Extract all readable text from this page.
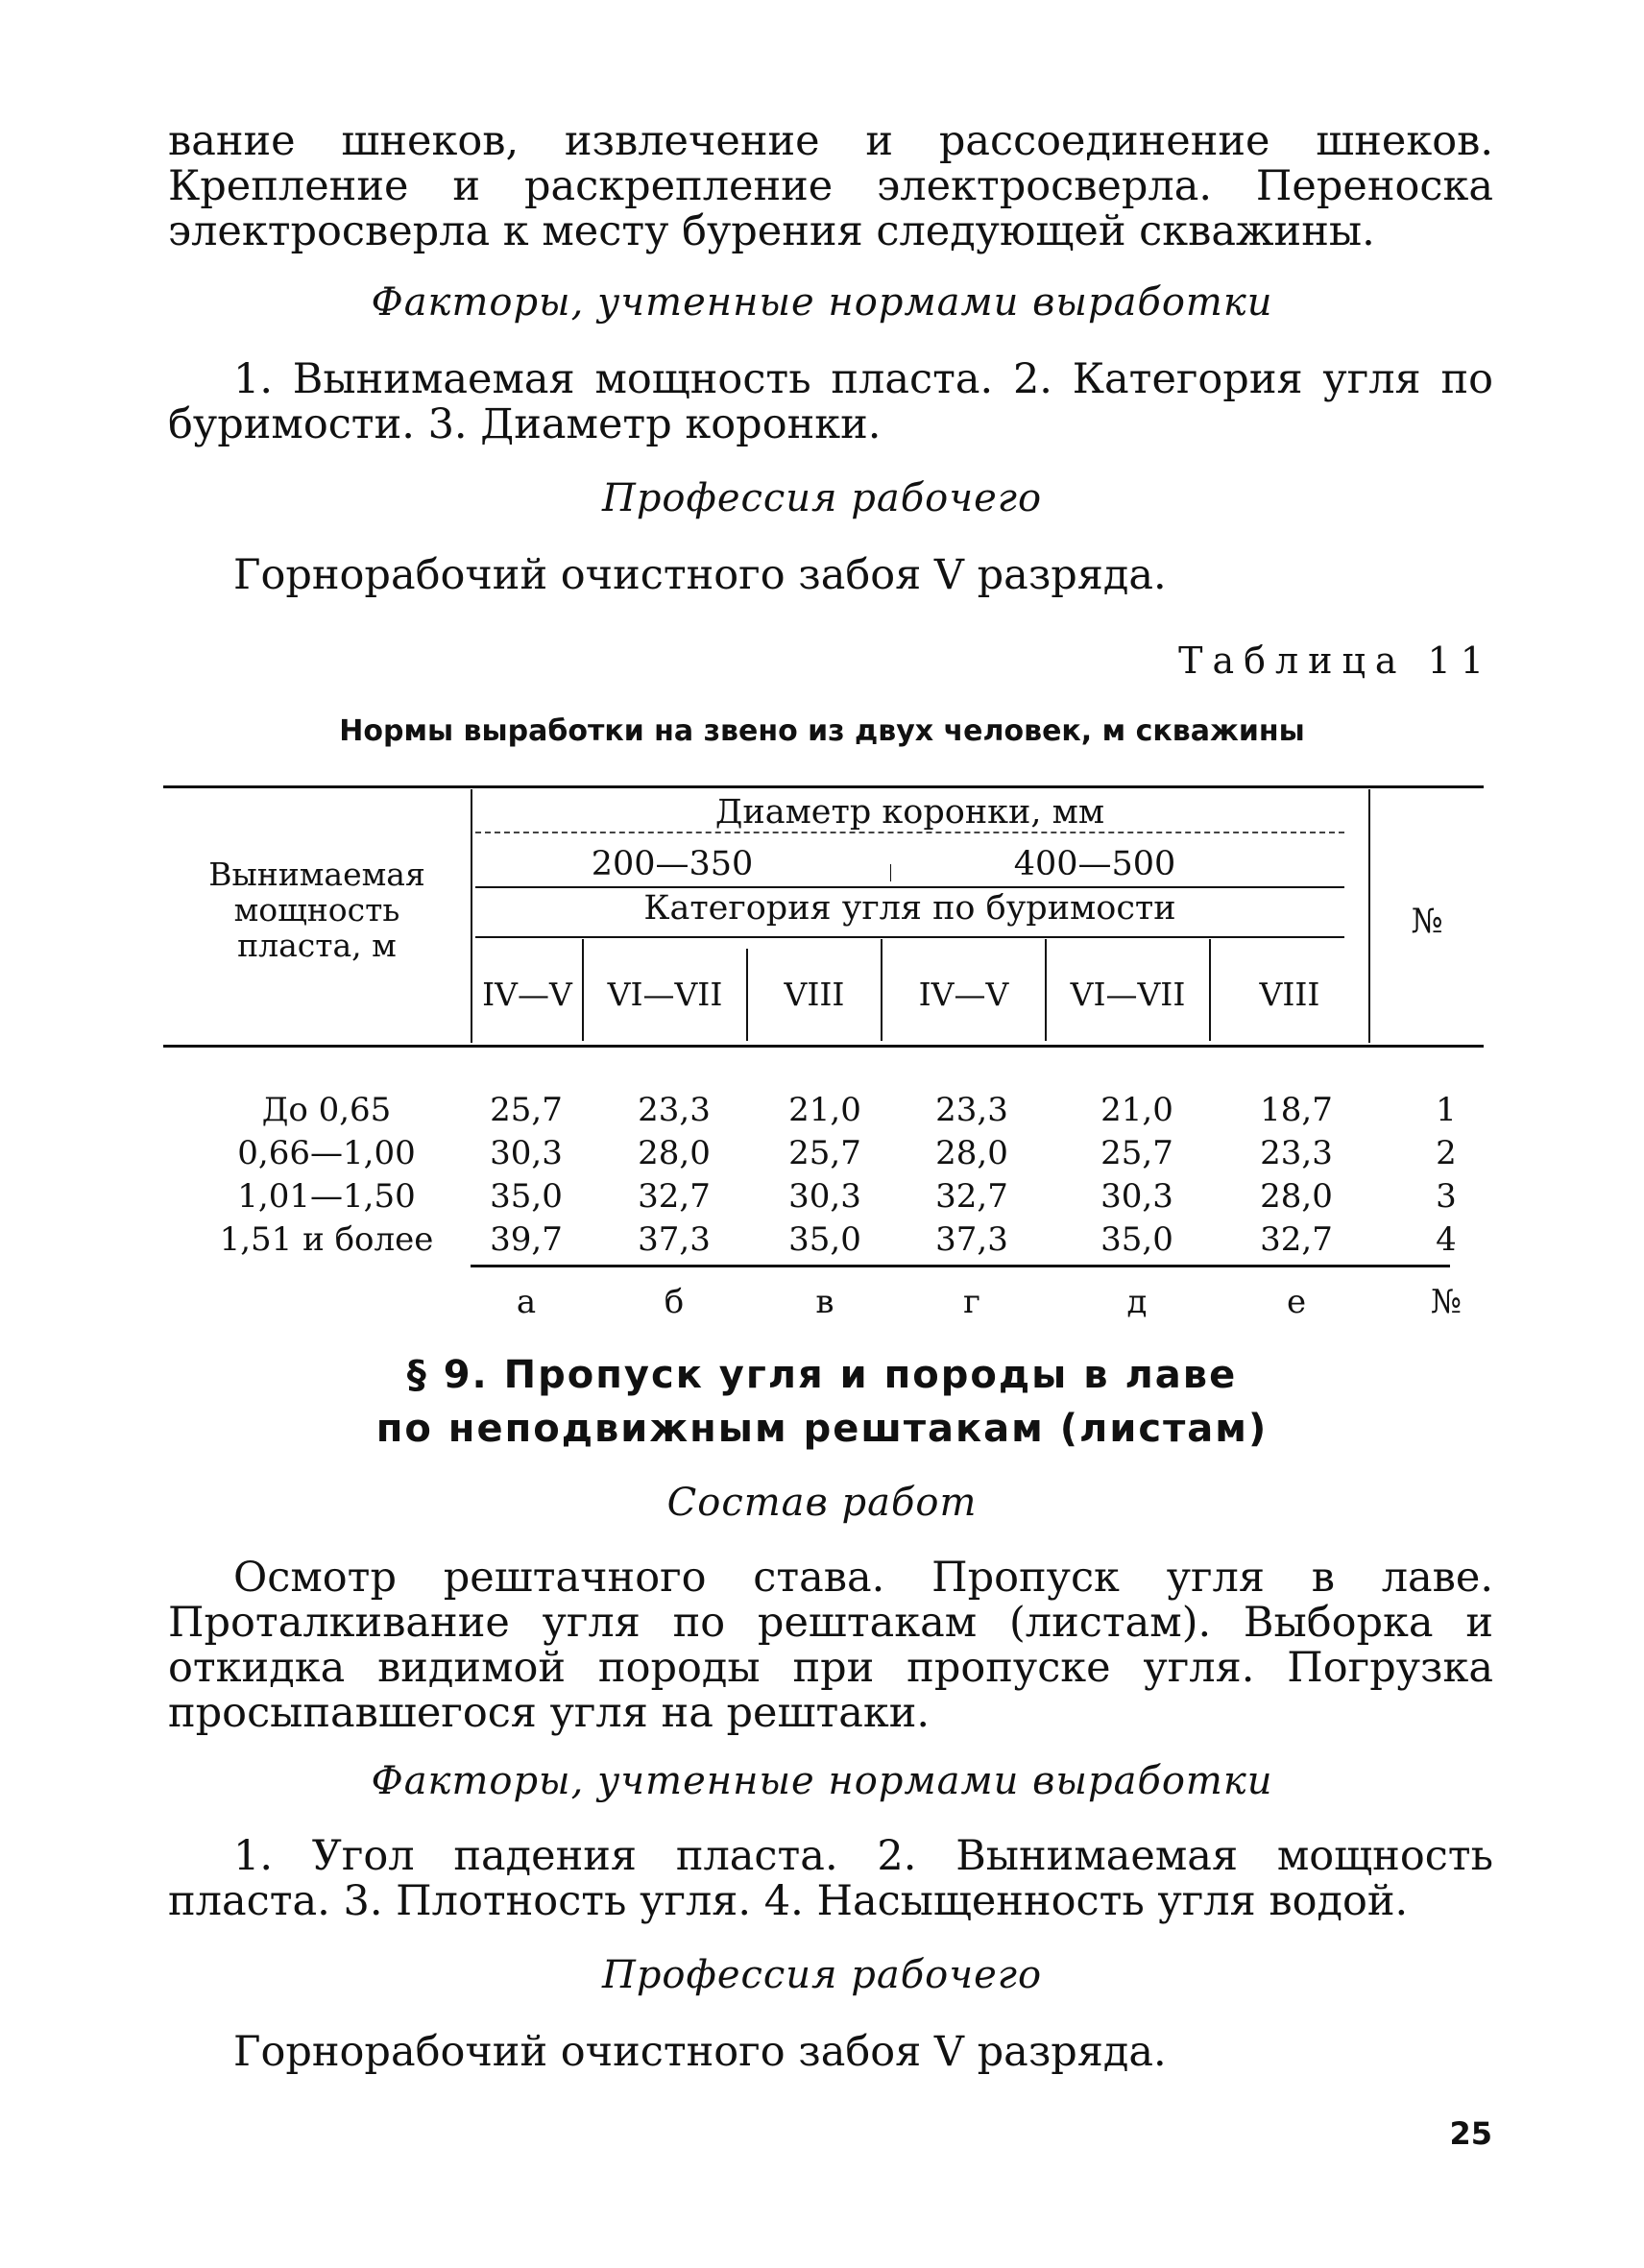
вание шнеков, извлечение и рассоединение шнеков. Крепление и раскрепление электросверла. Переноска электросверла к месту бурения следующей скважины.

Факторы, учтенные нормами выработки

1. Вынимаемая мощность пласта. 2. Категория угля по буримости. 3. Диаметр коронки.

Профессия рабочего

Горнорабочий очистного забоя V разряда.

Таблица 11
Нормы выработки на звено из двух человек, м скважины
Вынимаемая
мощность
пласта, м
Диаметр коронки, мм
200—350	400—500
Категория угля по буримости
IV—V	VI—VII	VIII	IV—V	VI—VII	VIII
№
До 0,65	25,7	23,3	21,0	23,3	21,0	18,7	1
0,66—1,00	30,3	28,0	25,7	28,0	25,7	23,3	2
1,01—1,50	35,0	32,7	30,3	32,7	30,3	28,0	3
1,51 и более	39,7	37,3	35,0	37,3	35,0	32,7	4
а	б	в	г	д	е	№
§ 9. Пропуск угля и породы в лаве
по неподвижным рештакам (листам)

Состав работ

Осмотр рештачного става. Пропуск угля в лаве. Проталкивание угля по рештакам (листам). Выборка и откидка видимой породы при пропуске угля. Погрузка просыпавшегося угля на рештаки.

Факторы, учтенные нормами выработки

1. Угол падения пласта. 2. Вынимаемая мощность пласта. 3. Плотность угля. 4. Насыщенность угля водой.

Профессия рабочего

Горнорабочий очистного забоя V разряда.

25
